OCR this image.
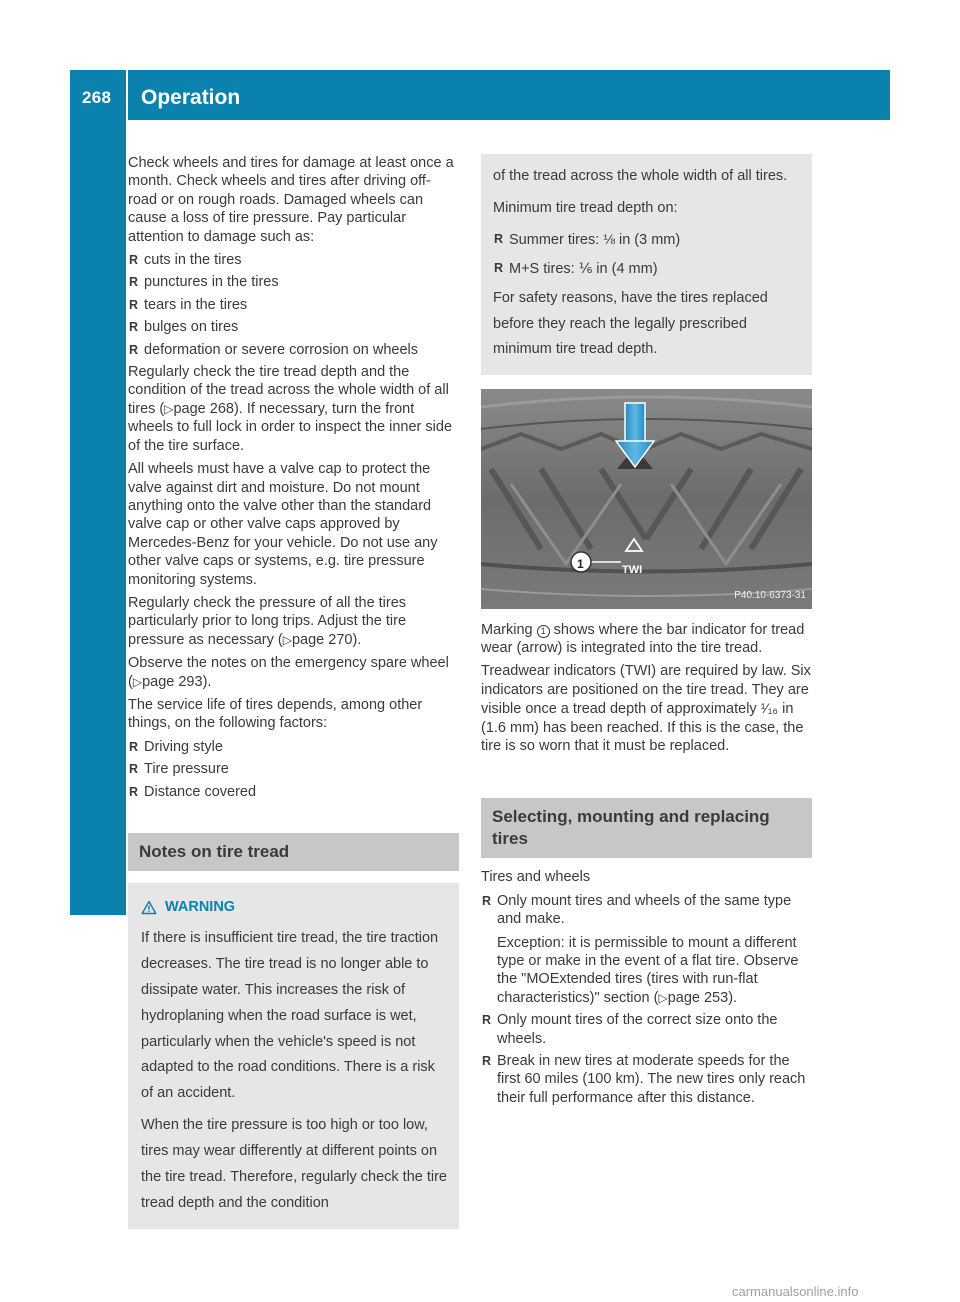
268 Operation
Wheels and tires

Check wheels and tires for damage at least once a month. Check wheels and tires after driving off-road or on rough roads. Damaged wheels can cause a loss of tire pressure. Pay particular attention to damage such as:

R cuts in the tires
R punctures in the tires
R tears in the tires
R bulges on tires
R deformation or severe corrosion on wheels

Regularly check the tire tread depth and the condition of the tread across the whole width of all tires (▷page 268). If necessary, turn the front wheels to full lock in order to inspect the inner side of the tire surface.

All wheels must have a valve cap to protect the valve against dirt and moisture. Do not mount anything onto the valve other than the standard valve cap or other valve caps approved by Mercedes-Benz for your vehicle. Do not use any other valve caps or systems, e.g. tire pressure monitoring systems.

Regularly check the pressure of all the tires particularly prior to long trips. Adjust the tire pressure as necessary (▷page 270).

Observe the notes on the emergency spare wheel (▷page 293).

The service life of tires depends, among other things, on the following factors:

R Driving style
R Tire pressure
R Distance covered
Notes on tire tread
WARNING

If there is insufficient tire tread, the tire traction decreases. The tire tread is no longer able to dissipate water. This increases the risk of hydroplaning when the road surface is wet, particularly when the vehicle's speed is not adapted to the road conditions. There is a risk of an accident.

When the tire pressure is too high or too low, tires may wear differently at different points on the tire tread. Therefore, regularly check the tire tread depth and the condition

of the tread across the whole width of all tires.

Minimum tire tread depth on:

R Summer tires: ⅛ in (3 mm)
R M+S tires: ⅙ in (4 mm)

For safety reasons, have the tires replaced before they reach the legally prescribed minimum tire tread depth.

1	TWI
P40.10-6373-31

Marking 1 shows where the bar indicator for tread wear (arrow) is integrated into the tire tread.

Treadwear indicators (TWI) are required by law. Six indicators are positioned on the tire tread. They are visible once a tread depth of approximately ¹⁄₁₆ in (1.6 mm) has been reached. If this is the case, the tire is so worn that it must be replaced.

Selecting, mounting and replacing tires

Tires and wheels

R Only mount tires and wheels of the same type and make.

Exception: it is permissible to mount a different type or make in the event of a flat tire. Observe the "MOExtended tires (tires with run-flat characteristics)" section (▷page 253).

R Only mount tires of the correct size onto the wheels.
R Break in new tires at moderate speeds for the first 60 miles (100 km). The new tires only reach their full performance after this distance.
carmanualsonline.info
